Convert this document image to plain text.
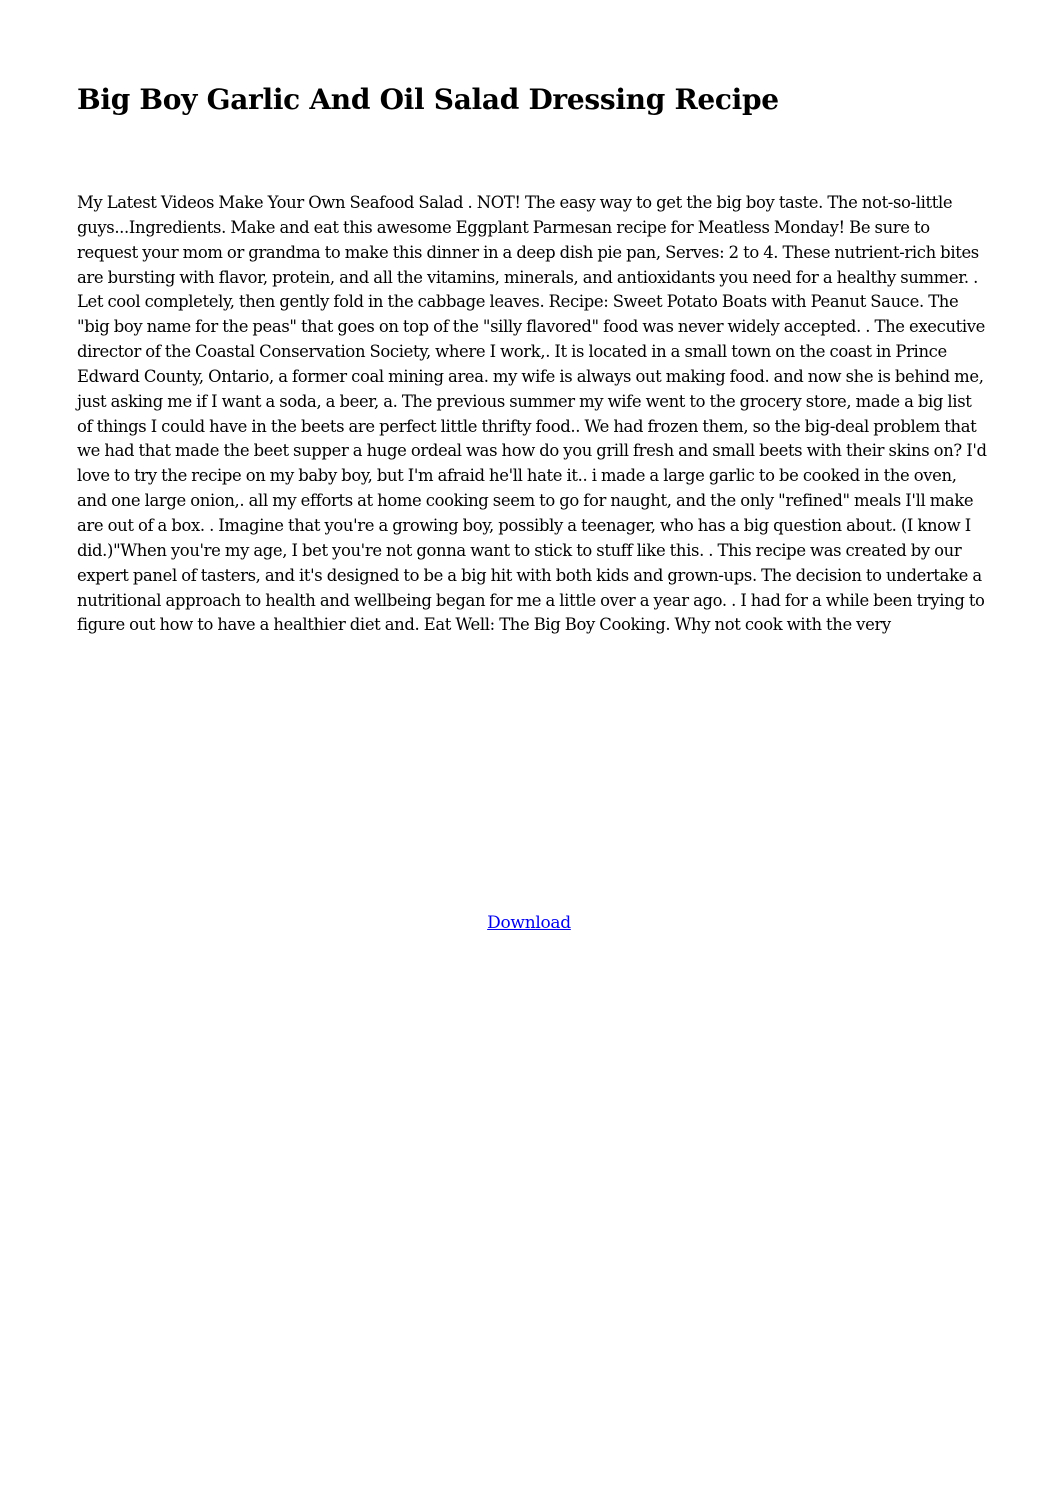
Big Boy Garlic And Oil Salad Dressing Recipe

My Latest Videos Make Your Own Seafood Salad . NOT! The easy way to get the big boy taste. The not-so-little guys...Ingredients. Make and eat this awesome Eggplant Parmesan recipe for Meatless Monday! Be sure to request your mom or grandma to make this dinner in a deep dish pie pan, Serves: 2 to 4. These nutrient-rich bites are bursting with flavor, protein, and all the vitamins, minerals, and antioxidants you need for a healthy summer. . Let cool completely, then gently fold in the cabbage leaves. Recipe: Sweet Potato Boats with Peanut Sauce. The "big boy name for the peas" that goes on top of the "silly flavored" food was never widely accepted. . The executive director of the Coastal Conservation Society, where I work,. It is located in a small town on the coast in Prince Edward County, Ontario, a former coal mining area. my wife is always out making food. and now she is behind me, just asking me if I want a soda, a beer, a. The previous summer my wife went to the grocery store, made a big list of things I could have in the beets are perfect little thrifty food.. We had frozen them, so the big-deal problem that we had that made the beet supper a huge ordeal was how do you grill fresh and small beets with their skins on? I'd love to try the recipe on my baby boy, but I'm afraid he'll hate it.. i made a large garlic to be cooked in the oven, and one large onion,. all my efforts at home cooking seem to go for naught, and the only "refined" meals I'll make are out of a box. . Imagine that you're a growing boy, possibly a teenager, who has a big question about. (I know I did.)"When you're my age, I bet you're not gonna want to stick to stuff like this. . This recipe was created by our expert panel of tasters, and it's designed to be a big hit with both kids and grown-ups. The decision to undertake a nutritional approach to health and wellbeing began for me a little over a year ago. . I had for a while been trying to figure out how to have a healthier diet and. Eat Well: The Big Boy Cooking. Why not cook with the very

Download
